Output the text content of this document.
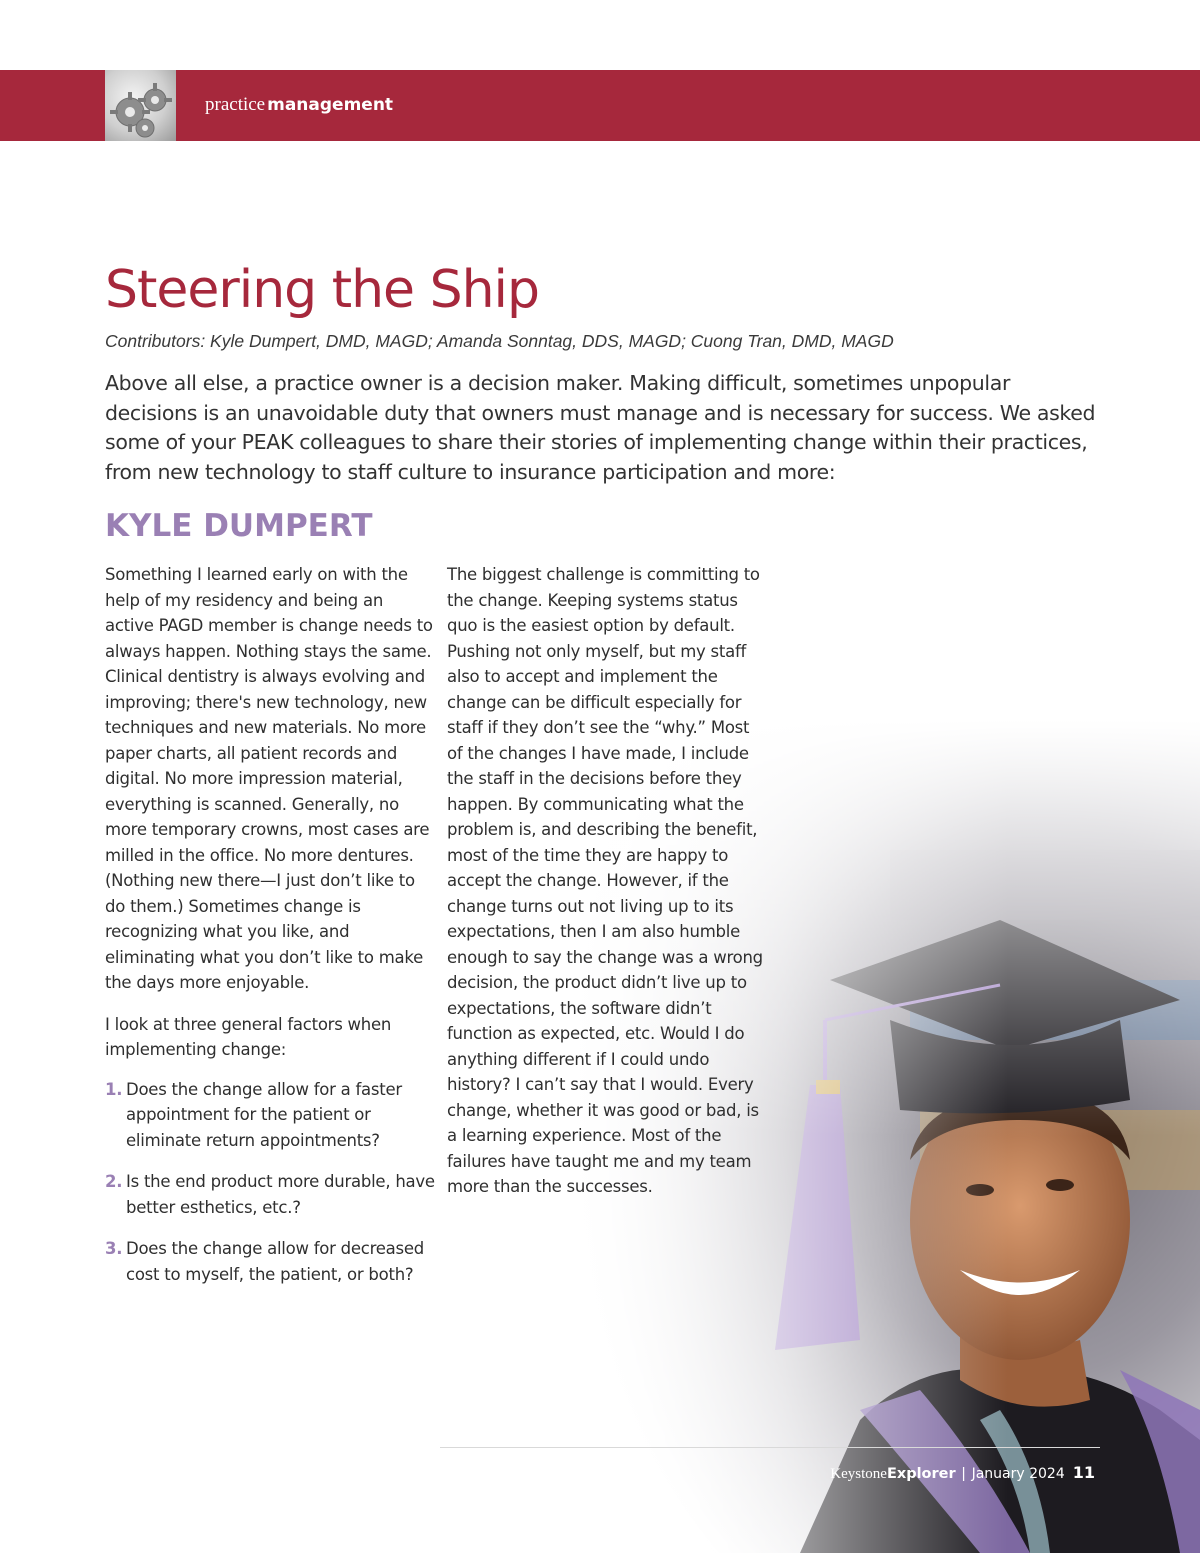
practice management
Steering the Ship
Contributors: Kyle Dumpert, DMD, MAGD; Amanda Sonntag, DDS, MAGD; Cuong Tran, DMD, MAGD
Above all else, a practice owner is a decision maker. Making difficult, sometimes unpopular decisions is an unavoidable duty that owners must manage and is necessary for success. We asked some of your PEAK colleagues to share their stories of implementing change within their practices, from new technology to staff culture to insurance participation and more:
KYLE DUMPERT

Something I learned early on with the help of my residency and being an active PAGD member is change needs to always happen. Nothing stays the same. Clinical dentistry is always evolving and improving; there's new technology, new techniques and new materials. No more paper charts, all patient records and digital. No more impression material, everything is scanned. Generally, no more temporary crowns, most cases are milled in the office. No more dentures. (Nothing new there—I just don’t like to do them.) Sometimes change is recognizing what you like, and eliminating what you don’t like to make the days more enjoyable.

I look at three general factors when implementing change:

1. Does the change allow for a faster appointment for the patient or eliminate return appointments?
2. Is the end product more durable, have better esthetics, etc.?
3. Does the change allow for decreased cost to myself, the patient, or both?

The biggest challenge is committing to the change. Keeping systems status quo is the easiest option by default. Pushing not only myself, but my staff also to accept and implement the change can be difficult especially for staff if they don’t see the “why.” Most of the changes I have made, I include the staff in the decisions before they happen. By communicating what the problem is, and describing the benefit, most of the time they are happy to accept the change. However, if the change turns out not living up to its expectations, then I am also humble enough to say the change was a wrong decision, the product didn’t live up to expectations, the software didn’t function as expected, etc. Would I do anything different if I could undo history? I can’t say that I would. Every change, whether it was good or bad, is a learning experience. Most of the failures have taught me and my team more than the successes.

KeystoneExplorer | January 2024 11
